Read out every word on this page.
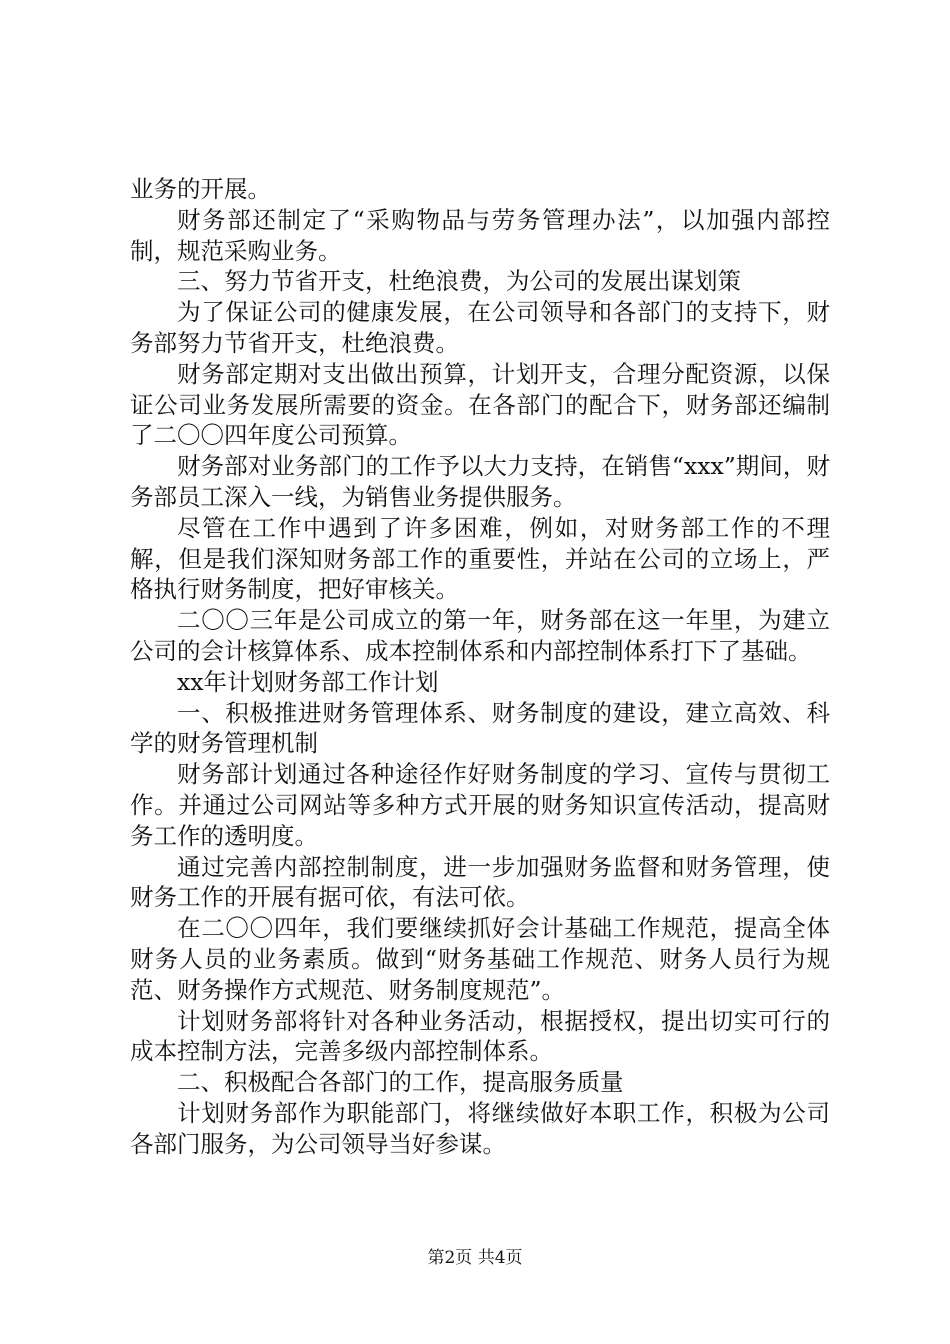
业务的开展。

财务部还制定了“采购物品与劳务管理办法”，以加强内部控制，规范采购业务。

三、努力节省开支，杜绝浪费，为公司的发展出谋划策

为了保证公司的健康发展，在公司领导和各部门的支持下，财务部努力节省开支，杜绝浪费。

财务部定期对支出做出预算，计划开支，合理分配资源，以保证公司业务发展所需要的资金。在各部门的配合下，财务部还编制了二〇〇四年度公司预算。

财务部对业务部门的工作予以大力支持，在销售“xxx”期间，财务部员工深入一线，为销售业务提供服务。

尽管在工作中遇到了许多困难，例如，对财务部工作的不理解，但是我们深知财务部工作的重要性，并站在公司的立场上，严格执行财务制度，把好审核关。

二〇〇三年是公司成立的第一年，财务部在这一年里，为建立公司的会计核算体系、成本控制体系和内部控制体系打下了基础。

xx年计划财务部工作计划

一、积极推进财务管理体系、财务制度的建设，建立高效、科学的财务管理机制

财务部计划通过各种途径作好财务制度的学习、宣传与贯彻工作。并通过公司网站等多种方式开展的财务知识宣传活动，提高财务工作的透明度。

通过完善内部控制制度，进一步加强财务监督和财务管理，使财务工作的开展有据可依，有法可依。

在二〇〇四年，我们要继续抓好会计基础工作规范，提高全体财务人员的业务素质。做到“财务基础工作规范、财务人员行为规范、财务操作方式规范、财务制度规范”。

计划财务部将针对各种业务活动，根据授权，提出切实可行的成本控制方法，完善多级内部控制体系。

二、积极配合各部门的工作，提高服务质量

计划财务部作为职能部门，将继续做好本职工作，积极为公司各部门服务，为公司领导当好参谋。

第2页 共4页
